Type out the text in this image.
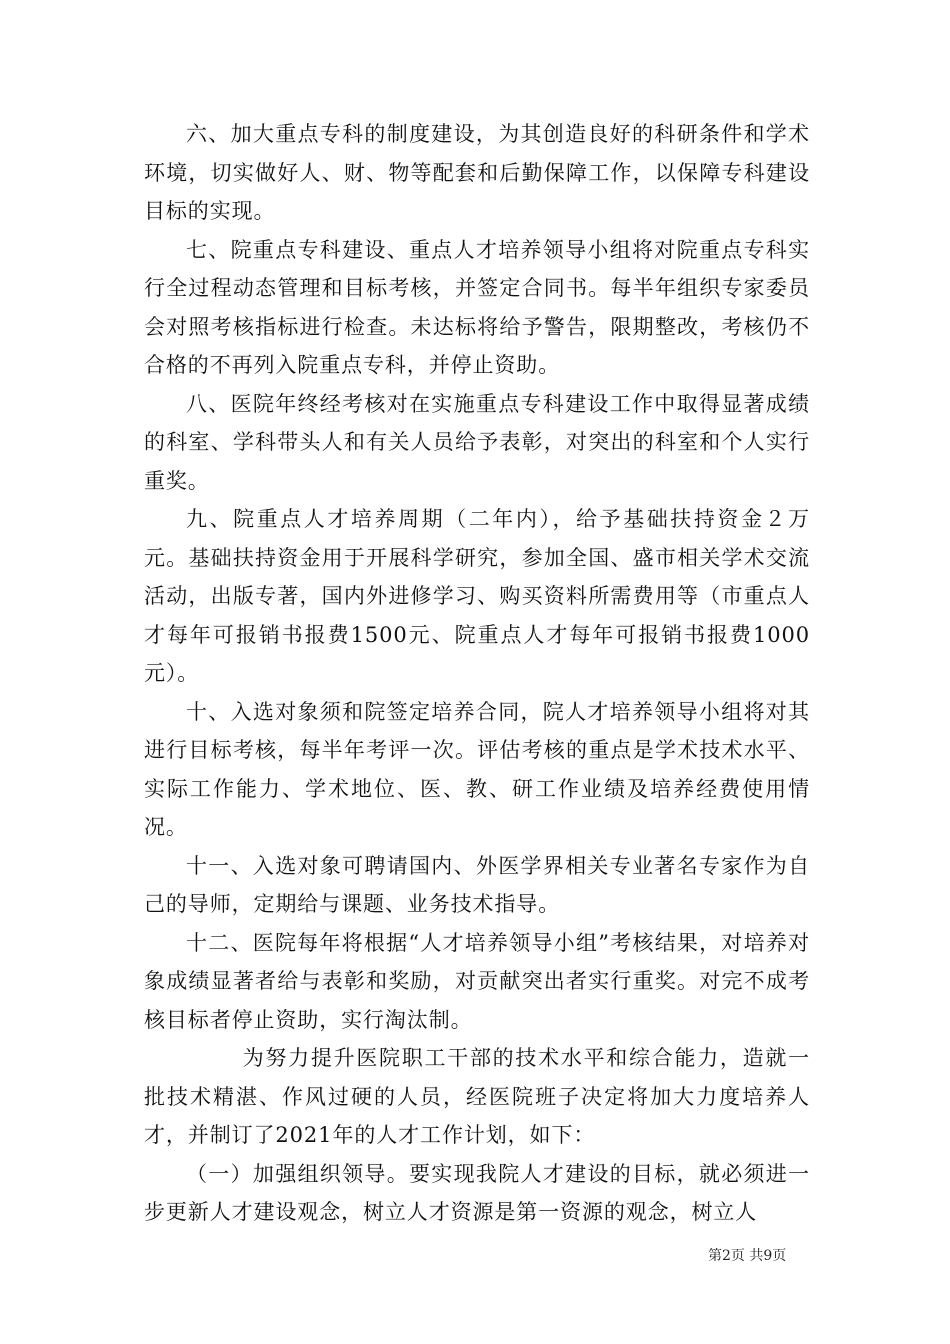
六、加大重点专科的制度建设，为其创造良好的科研条件和学术环境，切实做好人、财、物等配套和后勤保障工作，以保障专科建设目标的实现。

七、院重点专科建设、重点人才培养领导小组将对院重点专科实行全过程动态管理和目标考核，并签定合同书。每半年组织专家委员会对照考核指标进行检查。未达标将给予警告，限期整改，考核仍不合格的不再列入院重点专科，并停止资助。

八、医院年终经考核对在实施重点专科建设工作中取得显著成绩的科室、学科带头人和有关人员给予表彰，对突出的科室和个人实行重奖。

九、院重点人才培养周期（二年内），给予基础扶持资金２万元。基础扶持资金用于开展科学研究，参加全国、盛市相关学术交流活动，出版专著，国内外进修学习、购买资料所需费用等（市重点人才每年可报销书报费1500元、院重点人才每年可报销书报费1000元）。

十、入选对象须和院签定培养合同，院人才培养领导小组将对其进行目标考核，每半年考评一次。评估考核的重点是学术技术水平、实际工作能力、学术地位、医、教、研工作业绩及培养经费使用情况。

十一、入选对象可聘请国内、外医学界相关专业著名专家作为自己的导师，定期给与课题、业务技术指导。

十二、医院每年将根据“人才培养领导小组”考核结果，对培养对象成绩显著者给与表彰和奖励，对贡献突出者实行重奖。对完不成考核目标者停止资助，实行淘汰制。

为努力提升医院职工干部的技术水平和综合能力，造就一批技术精湛、作风过硬的人员，经医院班子决定将加大力度培养人才，并制订了2021年的人才工作计划，如下：

（一）加强组织领导。要实现我院人才建设的目标，就必须进一步更新人才建设观念，树立人才资源是第一资源的观念，树立人

第2页 共9页
